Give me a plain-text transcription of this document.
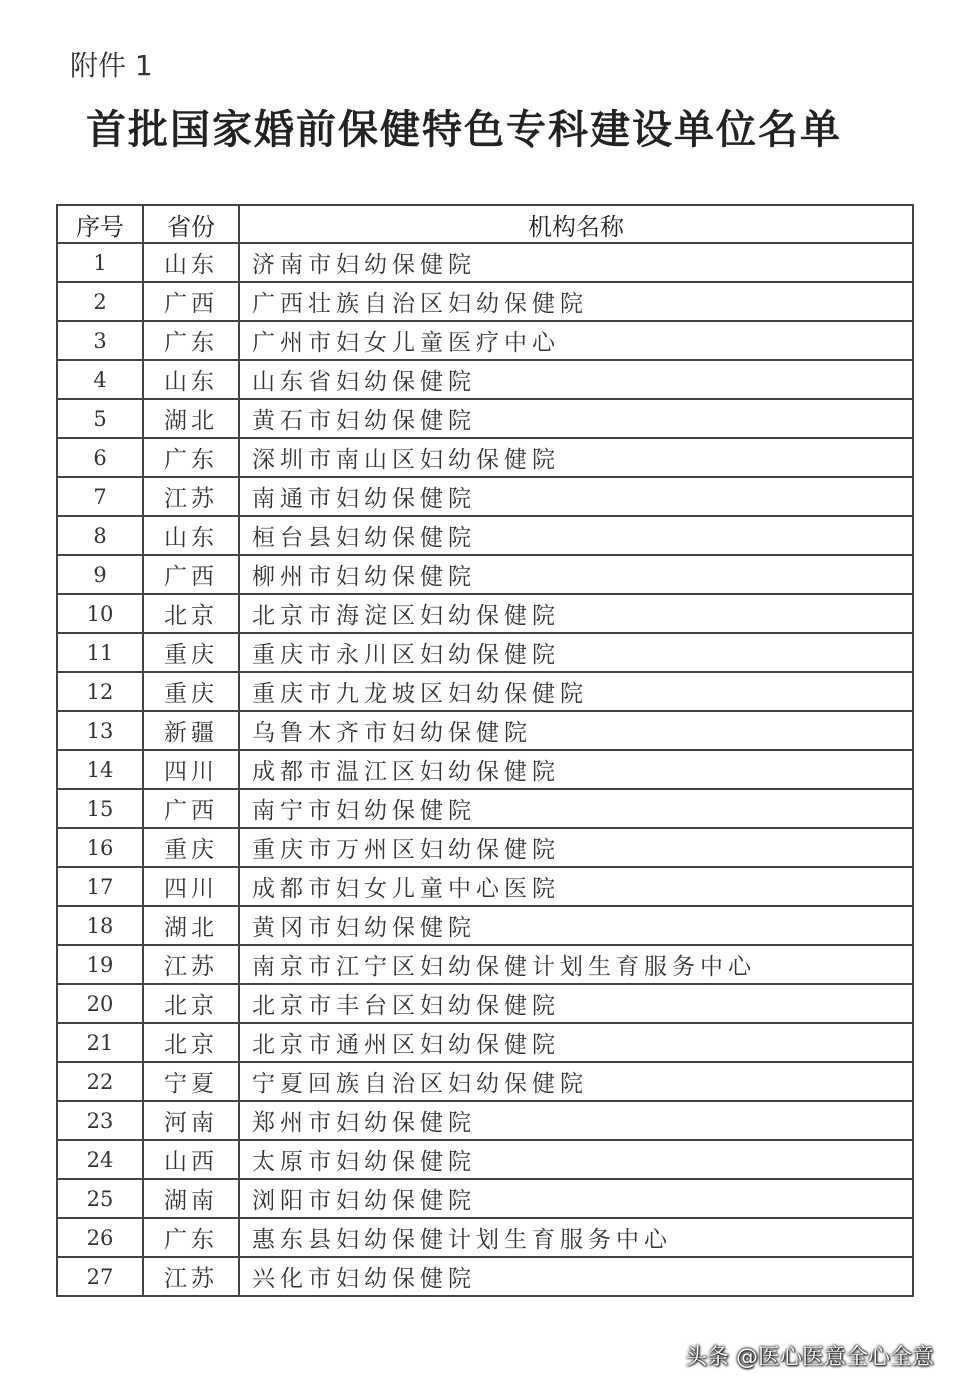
附件 1
首批国家婚前保健特色专科建设单位名单
序号	省份	机构名称
1	山东	济南市妇幼保健院
2	广西	广西壮族自治区妇幼保健院
3	广东	广州市妇女儿童医疗中心
4	山东	山东省妇幼保健院
5	湖北	黄石市妇幼保健院
6	广东	深圳市南山区妇幼保健院
7	江苏	南通市妇幼保健院
8	山东	桓台县妇幼保健院
9	广西	柳州市妇幼保健院
10	北京	北京市海淀区妇幼保健院
11	重庆	重庆市永川区妇幼保健院
12	重庆	重庆市九龙坡区妇幼保健院
13	新疆	乌鲁木齐市妇幼保健院
14	四川	成都市温江区妇幼保健院
15	广西	南宁市妇幼保健院
16	重庆	重庆市万州区妇幼保健院
17	四川	成都市妇女儿童中心医院
18	湖北	黄冈市妇幼保健院
19	江苏	南京市江宁区妇幼保健计划生育服务中心
20	北京	北京市丰台区妇幼保健院
21	北京	北京市通州区妇幼保健院
22	宁夏	宁夏回族自治区妇幼保健院
23	河南	郑州市妇幼保健院
24	山西	太原市妇幼保健院
25	湖南	浏阳市妇幼保健院
26	广东	惠东县妇幼保健计划生育服务中心
27	江苏	兴化市妇幼保健院
头条 @医心医意全心全意
